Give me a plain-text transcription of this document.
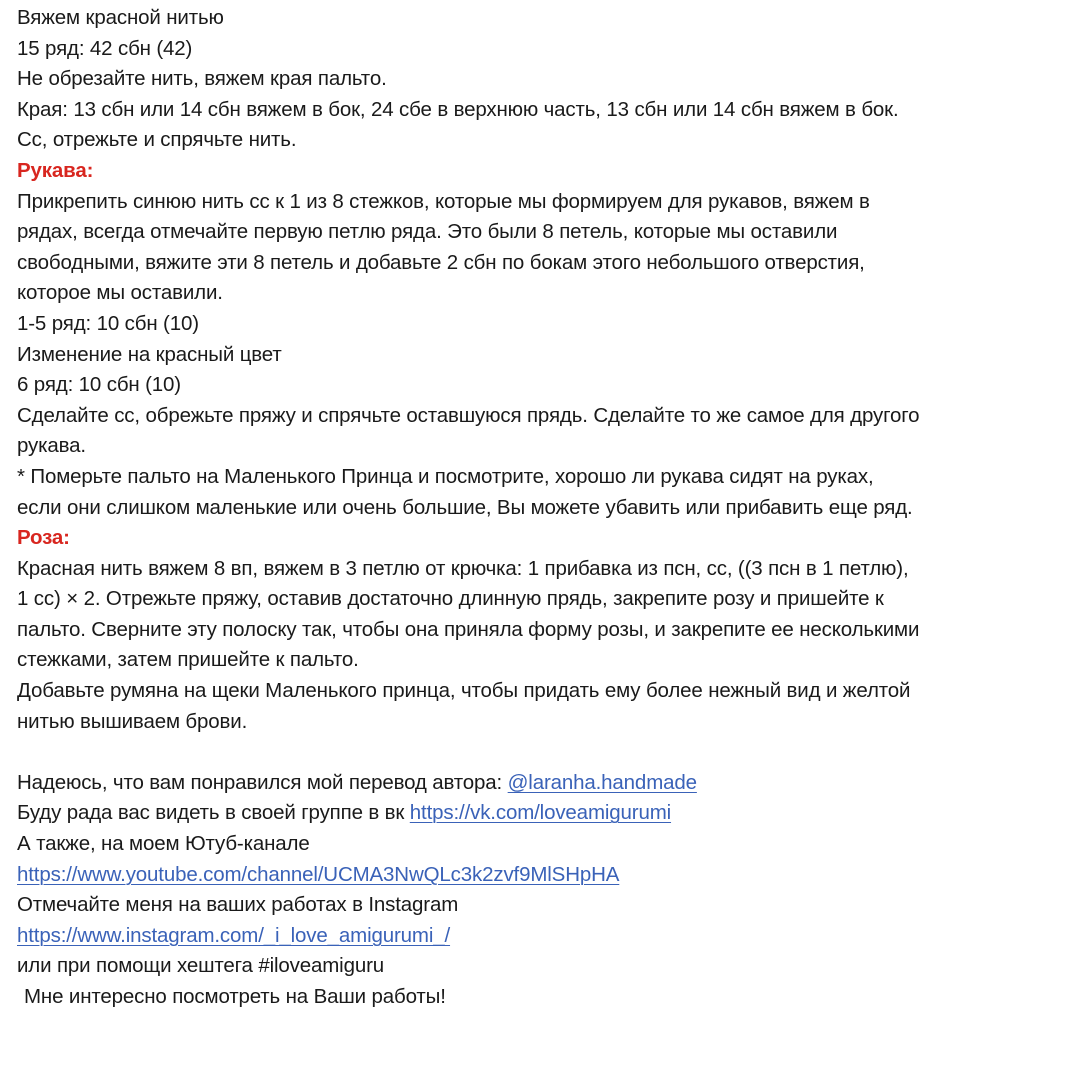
Вяжем красной нитью
15 ряд: 42 сбн (42)
Не обрезайте нить, вяжем края пальто.
Края: 13 сбн или 14 сбн вяжем в бок, 24 сбе в верхнюю часть, 13 сбн или 14 сбн вяжем в бок.
Сс, отрежьте и спрячьте нить.
Рукава:
Прикрепить синюю нить сс к 1 из 8 стежков, которые мы формируем для рукавов, вяжем в
рядах, всегда отмечайте первую петлю ряда. Это были 8 петель, которые мы оставили
свободными, вяжите эти 8 петель и добавьте 2 сбн по бокам этого небольшого отверстия,
которое мы оставили.
1-5 ряд: 10 сбн (10)
Изменение на красный цвет
6 ряд: 10 сбн (10)
Сделайте сс, обрежьте пряжу и спрячьте оставшуюся прядь. Сделайте то же самое для другого
рукава.
* Померьте пальто на Маленького Принца и посмотрите, хорошо ли рукава сидят на руках,
если они слишком маленькие или очень большие, Вы можете убавить или прибавить еще ряд.
Роза:
Красная нить вяжем 8 вп, вяжем в 3 петлю от крючка: 1 прибавка из псн, сс, ((3 псн в 1 петлю),
1 сс) × 2. Отрежьте пряжу, оставив достаточно длинную прядь, закрепите розу и пришейте к
пальто. Сверните эту полоску так, чтобы она приняла форму розы, и закрепите ее несколькими
стежками, затем пришейте к пальто.
Добавьте румяна на щеки Маленького принца, чтобы придать ему более нежный вид и желтой
нитью вышиваем брови.
Надеюсь, что вам понравился мой перевод автора: @laranha.handmade
Буду рада вас видеть в своей группе в вк https://vk.com/loveamigurumi
А также, на моем Ютуб-канале
https://www.youtube.com/channel/UCMA3NwQLc3k2zvf9MlSHpHA
Отмечайте меня на ваших работах в Instagram
https://www.instagram.com/_i_love_amigurumi_/
или при помощи хештега #iloveamiguru
Мне интересно посмотреть на Ваши работы!
